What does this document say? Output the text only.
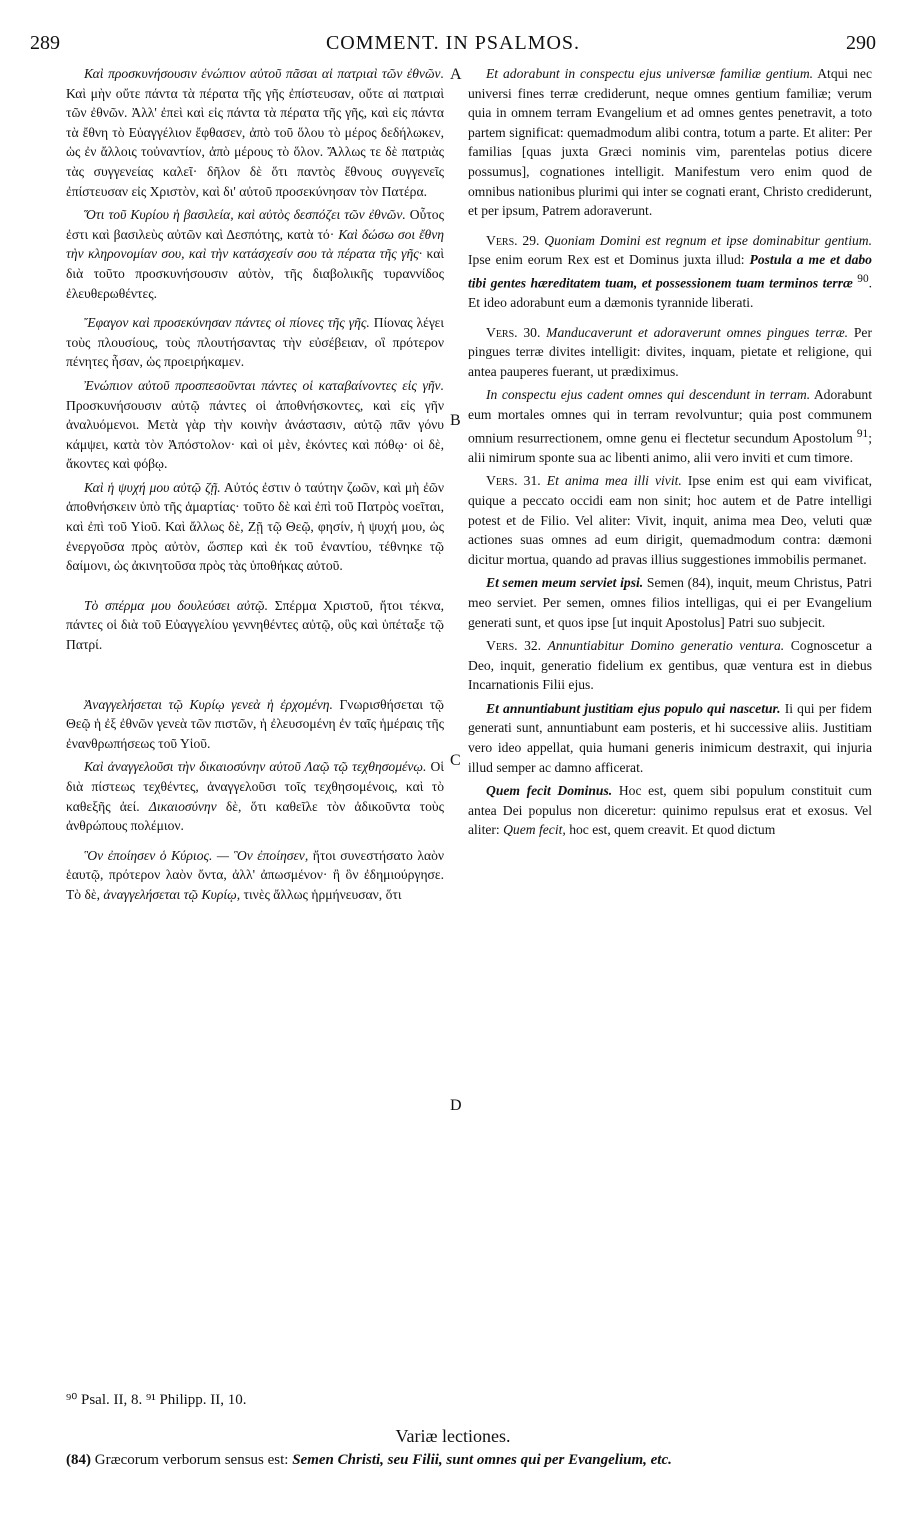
289	COMMENT. IN PSALMOS.	290

Καὶ προσκυνήσουσιν ἐνώπιον αὐτοῦ πᾶσαι αἱ πατριαὶ τῶν ἐθνῶν. Καὶ μὴν οὔτε πάντα τὰ πέρατα τῆς γῆς ἐπίστευσαν, οὔτε αἱ πατριαὶ τῶν ἐθνῶν. Ἀλλ' ἐπεὶ καὶ εἰς πάντα τὰ πέρατα τῆς γῆς, καὶ εἰς πάντα τὰ ἔθνη τὸ Εὐαγγέλιον ἔφθασεν, ἀπὸ τοῦ ὅλου τὸ μέρος δεδήλωκεν, ὡς ἐν ἄλλοις τοὐναντίον, ἀπὸ μέρους τὸ ὅλον. Ἄλλως τε δὲ πατριὰς τὰς συγγενείας καλεῖ· δῆλον δὲ ὅτι παντὸς ἔθνους συγγενεῖς ἐπίστευσαν εἰς Χριστὸν, καὶ δι' αὐτοῦ προσεκύνησαν τὸν Πατέρα.

Ὅτι τοῦ Κυρίου ἡ βασιλεία, καὶ αὐτὸς δεσπόζει τῶν ἐθνῶν. Οὗτος ἐστι καὶ βασιλεὺς αὐτῶν καὶ Δεσπότης, κατὰ τό· Καὶ δώσω σοι ἔθνη τὴν κληρονομίαν σου, καὶ τὴν κατάσχεσίν σου τὰ πέρατα τῆς γῆς· καὶ διὰ τοῦτο προσκυνήσουσιν αὐτὸν, τῆς διαβολικῆς τυραννίδος ἐλευθερωθέντες.

Ἔφαγον καὶ προσεκύνησαν πάντες οἱ πίονες τῆς γῆς. Πίονας λέγει τοὺς πλουσίους, τοὺς πλουτήσαντας τὴν εὐσέβειαν, οἳ πρότερον πένητες ἦσαν, ὡς προειρήκαμεν.

Ἐνώπιον αὐτοῦ προσπεσοῦνται πάντες οἱ καταβαίνοντες εἰς γῆν. Προσκυνήσουσιν αὐτῷ πάντες οἱ ἀποθνήσκοντες, καὶ εἰς γῆν ἀναλυόμενοι. Μετὰ γὰρ τὴν κοινὴν ἀνάστασιν, αὐτῷ πᾶν γόνυ κάμψει, κατὰ τὸν Ἀπόστολον· καὶ οἱ μὲν, ἑκόντες καὶ πόθῳ· οἱ δὲ, ἄκοντες καὶ φόβῳ.

Καὶ ἡ ψυχή μου αὐτῷ ζῇ. Αὐτός ἐστιν ὁ ταύτην ζωῶν, καὶ μὴ ἐῶν ἀποθνήσκειν ὑπὸ τῆς ἁμαρτίας· τοῦτο δὲ καὶ ἐπὶ τοῦ Πατρὸς νοεῖται, καὶ ἐπὶ τοῦ Υἱοῦ. Καὶ ἄλλως δὲ, Ζῇ τῷ Θεῷ, φησίν, ἡ ψυχή μου, ὡς ἐνεργοῦσα πρὸς αὐτὸν, ὥσπερ καὶ ἐκ τοῦ ἐναντίου, τέθνηκε τῷ δαίμονι, ὡς ἀκινητοῦσα πρὸς τὰς ὑποθήκας αὐτοῦ.

Τὸ σπέρμα μου δουλεύσει αὐτῷ. Σπέρμα Χριστοῦ, ἤτοι τέκνα, πάντες οἱ διὰ τοῦ Εὐαγγελίου γεννηθέντες αὐτῷ, οὓς καὶ ὑπέταξε τῷ Πατρί.

Ἀναγγελήσεται τῷ Κυρίῳ γενεὰ ἡ ἐρχομένη. Γνωρισθήσεται τῷ Θεῷ ἡ ἐξ ἐθνῶν γενεὰ τῶν πιστῶν, ἡ ἐλευσομένη ἐν ταῖς ἡμέραις τῆς ἐνανθρωπήσεως τοῦ Υἱοῦ.

Καὶ ἀναγγελοῦσι τὴν δικαιοσύνην αὐτοῦ Λαῷ τῷ τεχθησομένῳ. Οἱ διὰ πίστεως τεχθέντες, ἀναγγελοῦσι τοῖς τεχθησομένοις, καὶ τὸ καθεξῆς ἀεί. Δικαιοσύνην δὲ, ὅτι καθεῖλε τὸν ἀδικοῦντα τοὺς ἀνθρώπους πολέμιον.

Ὃν ἐποίησεν ὁ Κύριος. — Ὃν ἐποίησεν, ἤτοι συνεστήσατο λαὸν ἑαυτῷ, πρότερον λαὸν ὄντα, ἀλλ' ἀπωσμένον· ἢ ὃν ἐδημιούργησε. Τὸ δὲ, ἀναγγελήσεται τῷ Κυρίῳ, τινὲς ἄλλως ἡρμήνευσαν, ὅτι

A
B
C
D

Et adorabunt in conspectu ejus universæ familiæ gentium. Atqui nec universi fines terræ crediderunt, neque omnes gentium familiæ; verum quia in omnem terram Evangelium et ad omnes gentes penetravit, a toto partem significat: quemadmodum alibi contra, totum a parte. Et aliter: Per familias [quas juxta Græci nominis vim, parentelas potius dicere possumus], cognationes intelligit. Manifestum vero enim quod de omnibus nationibus plurimi qui inter se cognati erant, Christo crediderunt, et per ipsum, Patrem adoraverunt.

Vers. 29. Quoniam Domini est regnum et ipse dominabitur gentium. Ipse enim eorum Rex est et Dominus juxta illud: Postula a me et dabo tibi gentes hæreditatem tuam, et possessionem tuam terminos terræ $^{90}$. Et ideo adorabunt eum a dæmonis tyrannide liberati.

Vers. 30. Manducaverunt et adoraverunt omnes pingues terræ. Per pingues terræ divites intelligit: divites, inquam, pietate et religione, qui antea pauperes fuerant, ut prædiximus.

In conspectu ejus cadent omnes qui descendunt in terram. Adorabunt eum mortales omnes qui in terram revolvuntur; quia post communem omnium resurrectionem, omne genu ei flectetur secundum Apostolum $^{91}$; alii nimirum sponte sua ac libenti animo, alii vero inviti et cum timore.

Vers. 31. Et anima mea illi vivit. Ipse enim est qui eam vivificat, quique a peccato occidi eam non sinit; hoc autem et de Patre intelligi potest et de Filio. Vel aliter: Vivit, inquit, anima mea Deo, veluti quæ actiones suas omnes ad eum dirigit, quemadmodum contra: dæmoni dicitur mortua, quando ad pravas illius suggestiones immobilis permanet.

Et semen meum serviet ipsi. Semen (84), inquit, meum Christus, Patri meo serviet. Per semen, omnes filios intelligas, qui ei per Evangelium generati sunt, et quos ipse [ut inquit Apostolus] Patri suo subjecit.

Vers. 32. Annuntiabitur Domino generatio ventura. Cognoscetur a Deo, inquit, generatio fidelium ex gentibus, quæ ventura est in diebus Incarnationis Filii ejus.

Et annuntiabunt justitiam ejus populo qui nascetur. Ii qui per fidem generati sunt, annuntiabunt eam posteris, et hi successive aliis. Justitiam vero ideo appellat, quia humani generis inimicum destraxit, qui injuria illud semper ac damno afficerat.

Quem fecit Dominus. Hoc est, quem sibi populum constituit cum antea Dei populus non diceretur: quinimo repulsus erat et exosus. Vel aliter: Quem fecit, hoc est, quem creavit. Et quod dictum

⁹⁰ Psal. II, 8. ⁹¹ Philipp. II, 10.
Variæ lectiones.
(84) Græcorum verborum sensus est: Semen Christi, seu Filii, sunt omnes qui per Evangelium, etc.
